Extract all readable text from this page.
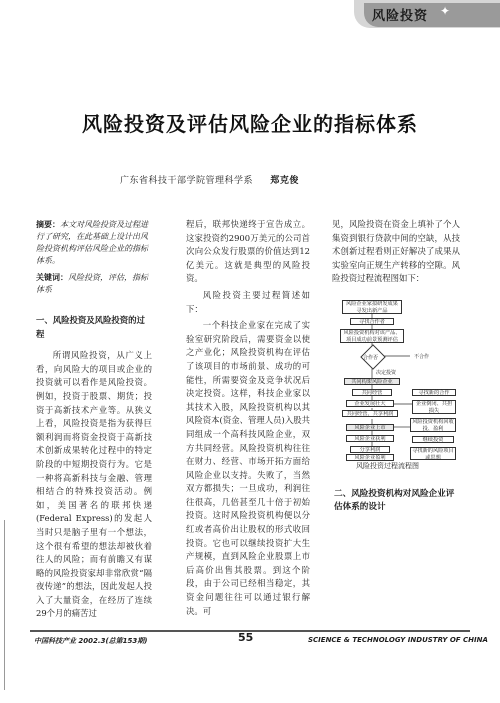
风险投资 ✦
风险投资及评估风险企业的指标体系
广东省科技干部学院管理科学系 郑克俊
摘要：本文对风险投资及过程进行了研究，在此基础上设计出风险投资机构评估风险企业的指标体系。
关键词：风险投资，评估，指标体系
一、风险投资及风险投资的过程

所谓风险投资，从广义上看，向风险大的项目或企业的投资就可以看作是风险投资。例如，投资于股票、期货；投资于高新技术产业等。从狭义上看，风险投资是指为获得巨额利润而将资金投资于高新技术创新成果转化过程中的特定阶段的中短期投资行为。它是一种将高新科技与金融、管理相结合的特殊投资活动。例如，美国著名的联邦快递(Federal Express)的发起人当时只是脑子里有一个想法，这个很有希望的想法却被伙着往人的风险；而有前瞻又有谋略的风险投资家却非常欣赏“隔夜传递”的想法，因此发起人投入了大量资金，在经历了连续29个月的痛苦过

程后，联邦快递终于宣告成立。这家投资约2900万美元的公司首次向公众发行股票的价值达到12亿美元。这就是典型的风险投资。

风险投资主要过程简述如下：

一个科技企业家在完成了实验室研究阶段后，需要资金以使之产业化；风险投资机构在评估了该项目的市场前景、成功的可能性，所需要资金及竞争状况后决定投资。这样，科技企业家以其技术入股，风险投资机构以其风险资本(资金、管理人员)入股共同组成一个高科技风险企业，双方共同经营。风险投资机构往往在财力、经营、市场开拓方面给风险企业以支持。失败了，当然双方都损失；一旦成功，利润往往很高，几倍甚至几十倍于初始投资。这时风险投资机构便以分红或者高价出让股权的形式收回投资。它也可以继续投资扩大生产规模，直到风险企业股票上市后高价出售其股票。到这个阶段，由于公司已经相当稳定，其资金问题往往可以通过银行解决。可

见，风险投资在资金上填补了个人集资到银行贷款中间的空缺，从技术创新过程看则正好解决了成果从实验室向正规生产转移的空隙。风险投资过程流程图如下：

风险企业家拟研发成果寻发出新产品
寻找合作者
风险投资机构对该产品、项目成功前景预测评估
合作否	不合作
决定投资
共同构架风险企业
共同经营	寻找新的合作
企业发展壮大
共同经营，共享利润
企业倒闭、共担损失
风险企业上市
风险投资机构回收投、盈利
风险企业获利
分享利润
继续投资
风险企业盈利
寻找新的风险项目或思想
风险投资过程流程图
二、风险投资机构对风险企业评估体系的设计
中国科技产业 2002.3(总第153期)	55	SCIENCE & TECHNOLOGY INDUSTRY OF CHINA
